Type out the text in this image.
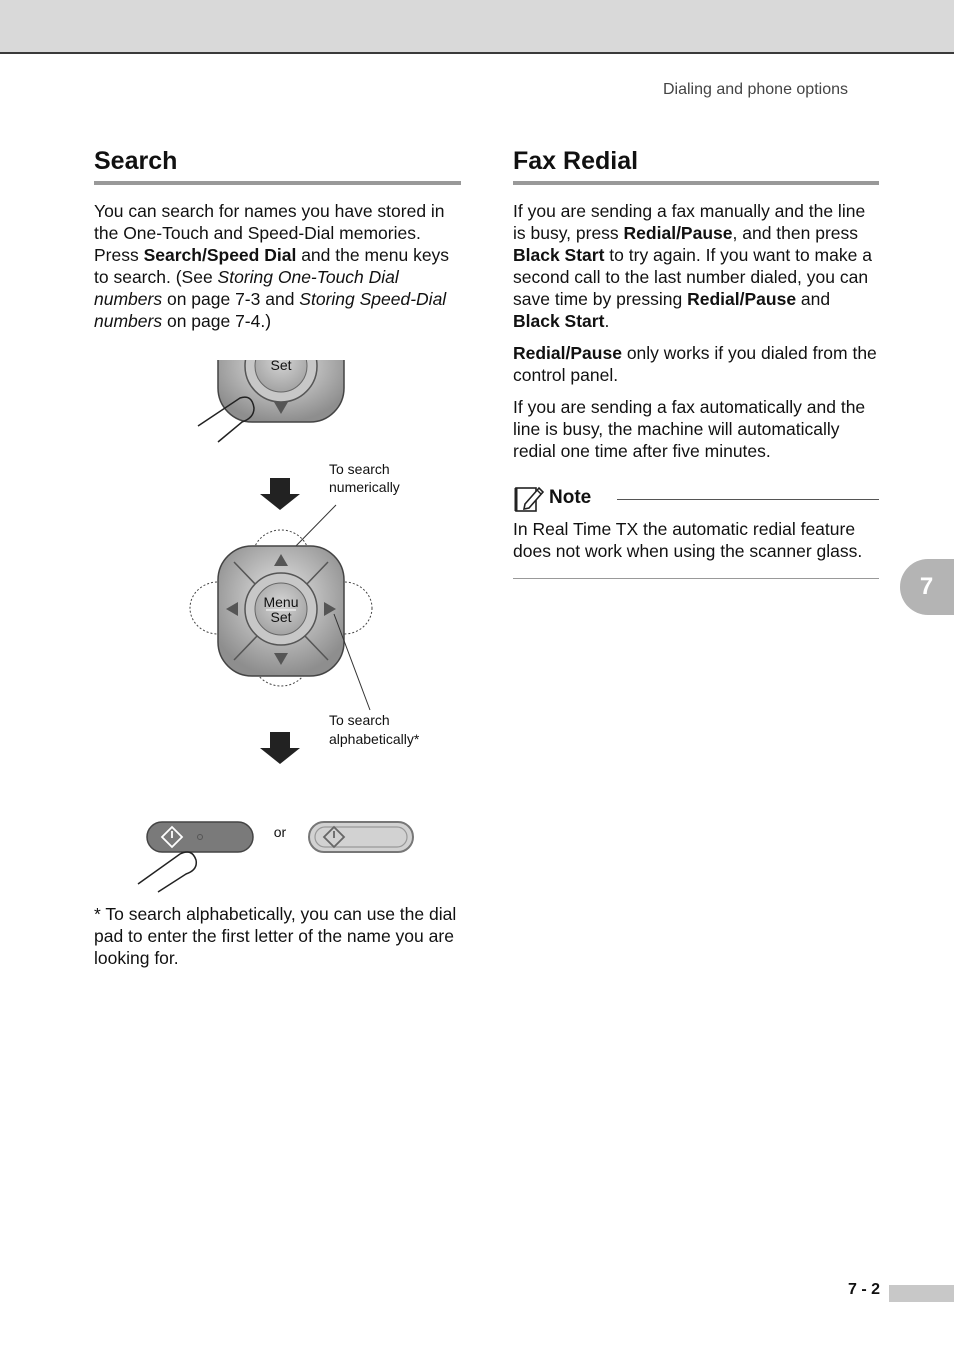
Dialing and phone options
Search

You can search for names you have stored in the One-Touch and Speed-Dial memories. Press Search/Speed Dial and the menu keys to search. (See Storing One-Touch Dial numbers on page 7-3 and Storing Speed-Dial numbers on page 7-4.)

Set
To search
numerically
Menu
Set
To search
alphabetically*
or

* To search alphabetically, you can use the dial pad to enter the first letter of the name you are looking for.

Fax Redial

If you are sending a fax manually and the line is busy, press Redial/Pause, and then press Black Start to try again. If you want to make a second call to the last number dialed, you can save time by pressing Redial/Pause and Black Start.

Redial/Pause only works if you dialed from the control panel.

If you are sending a fax automatically and the line is busy, the machine will automatically redial one time after five minutes.

Note

In Real Time TX the automatic redial feature does not work when using the scanner glass.

7
7 - 2
